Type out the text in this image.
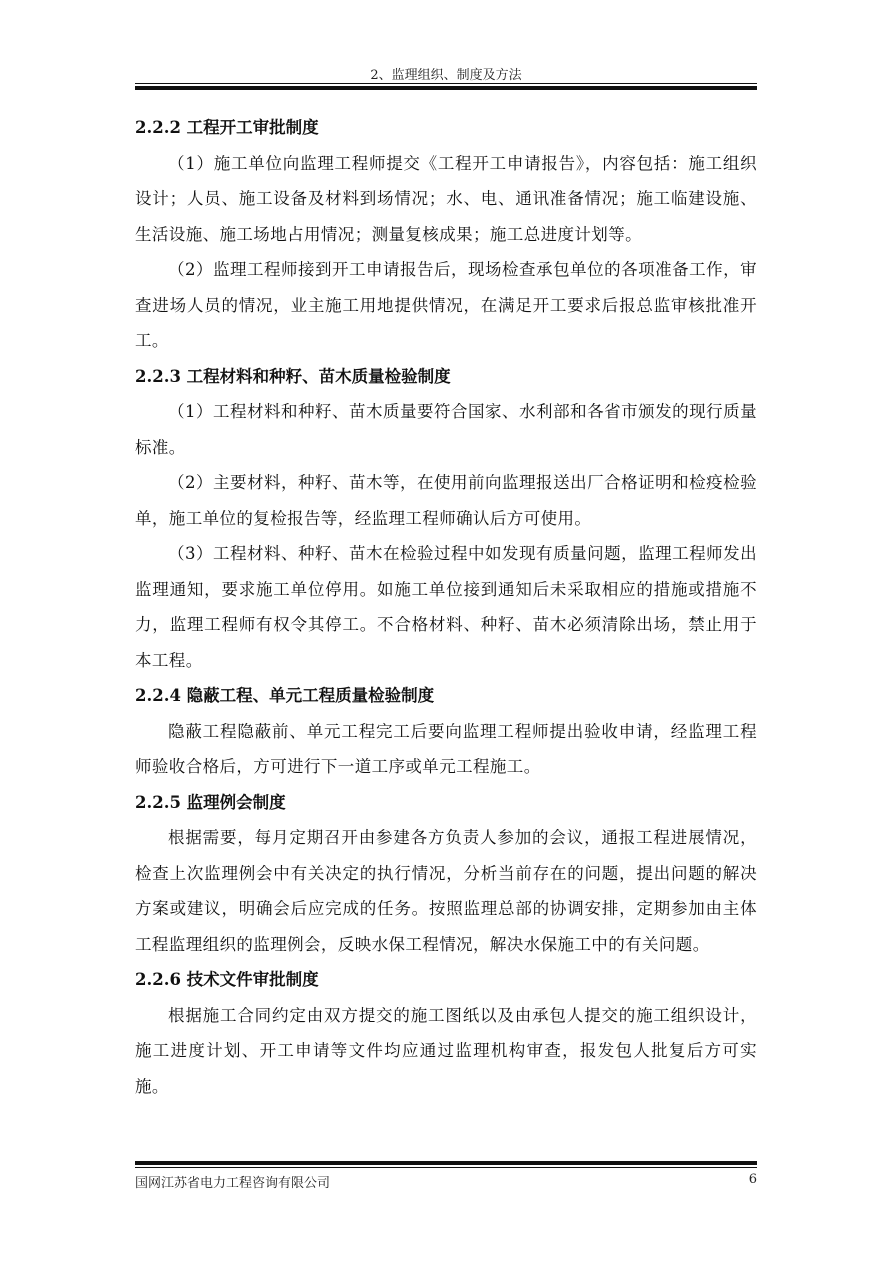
2、监理组织、制度及方法

2.2.2 工程开工审批制度

（1）施工单位向监理工程师提交《工程开工申请报告》，内容包括：施工组织设计；人员、施工设备及材料到场情况；水、电、通讯准备情况；施工临建设施、生活设施、施工场地占用情况；测量复核成果；施工总进度计划等。

（2）监理工程师接到开工申请报告后，现场检查承包单位的各项准备工作，审查进场人员的情况，业主施工用地提供情况，在满足开工要求后报总监审核批准开工。

2.2.3 工程材料和种籽、苗木质量检验制度

（1）工程材料和种籽、苗木质量要符合国家、水利部和各省市颁发的现行质量标准。

（2）主要材料，种籽、苗木等，在使用前向监理报送出厂合格证明和检疫检验单，施工单位的复检报告等，经监理工程师确认后方可使用。

（3）工程材料、种籽、苗木在检验过程中如发现有质量问题，监理工程师发出监理通知，要求施工单位停用。如施工单位接到通知后未采取相应的措施或措施不力，监理工程师有权令其停工。不合格材料、种籽、苗木必须清除出场，禁止用于本工程。

2.2.4 隐蔽工程、单元工程质量检验制度

隐蔽工程隐蔽前、单元工程完工后要向监理工程师提出验收申请，经监理工程师验收合格后，方可进行下一道工序或单元工程施工。

2.2.5 监理例会制度

根据需要，每月定期召开由参建各方负责人参加的会议，通报工程进展情况，检查上次监理例会中有关决定的执行情况，分析当前存在的问题，提出问题的解决方案或建议，明确会后应完成的任务。按照监理总部的协调安排，定期参加由主体工程监理组织的监理例会，反映水保工程情况，解决水保施工中的有关问题。

2.2.6 技术文件审批制度

根据施工合同约定由双方提交的施工图纸以及由承包人提交的施工组织设计，施工进度计划、开工申请等文件均应通过监理机构审查，报发包人批复后方可实施。

国网江苏省电力工程咨询有限公司	6
